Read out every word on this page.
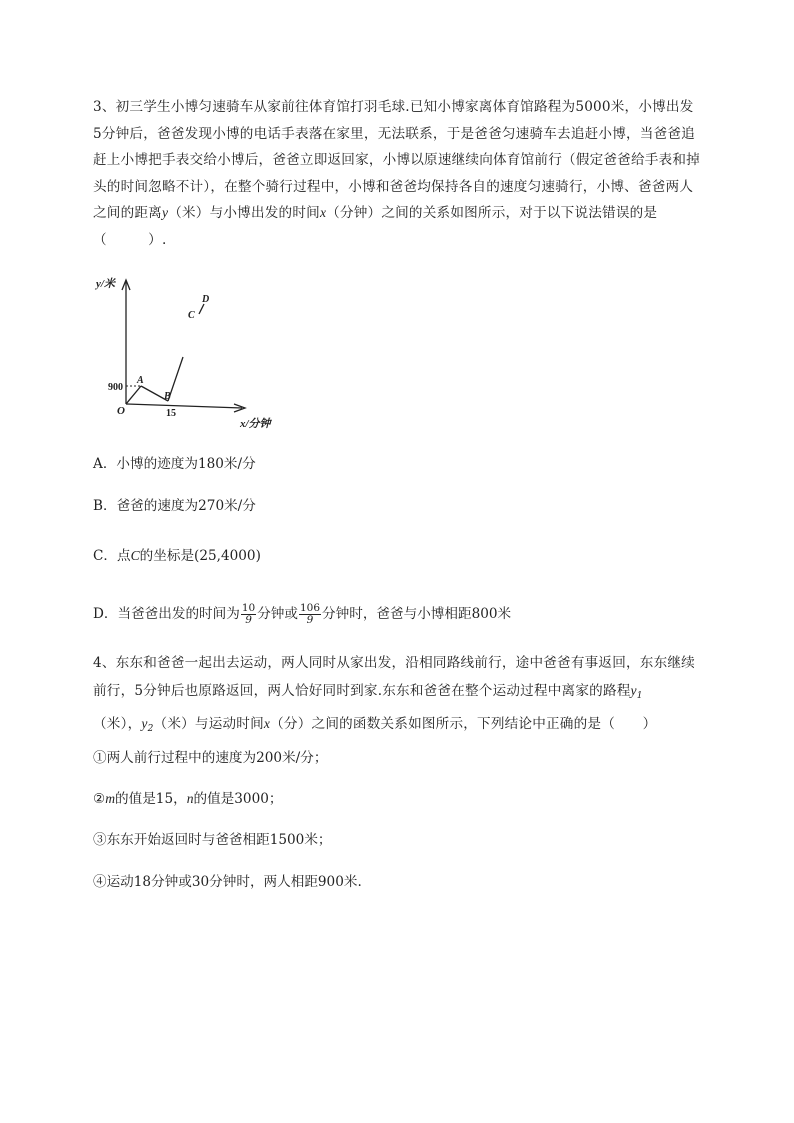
3、初三学生小博匀速骑车从家前往体育馆打羽毛球.已知小博家离体育馆路程为5000米，小博出发
5分钟后，爸爸发现小博的电话手表落在家里，无法联系，于是爸爸匀速骑车去追赶小博，当爸爸追
赶上小博把手表交给小博后，爸爸立即返回家，小博以原速继续向体育馆前行（假定爸爸给手表和掉
头的时间忽略不计），在整个骑行过程中，小博和爸爸均保持各自的速度匀速骑行，小博、爸爸两人
之间的距离y（米）与小博出发的时间x（分钟）之间的关系如图所示，对于以下说法错误的是
（　　　）.
y/米
x/分钟
O
900
15
A
B
C
D
A．小博的迹度为180米/分
B．爸爸的速度为270米/分
C．点C的坐标是(25,4000)
D．当爸爸出发的时间为 $\frac{10}{9}$ 分钟或 $\frac{106}{9}$ 分钟时，爸爸与小博相距800米
4、东东和爸爸一起出去运动，两人同时从家出发，沿相同路线前行，途中爸爸有事返回，东东继续
前行，5分钟后也原路返回，两人恰好同时到家.东东和爸爸在整个运动过程中离家的路程$y_1$
（米），$y_2$（米）与运动时间x（分）之间的函数关系如图所示，下列结论中正确的是（　　）
①两人前行过程中的速度为200米/分；
②m的值是15，n的值是3000；
③东东开始返回时与爸爸相距1500米；
④运动18分钟或30分钟时，两人相距900米.
